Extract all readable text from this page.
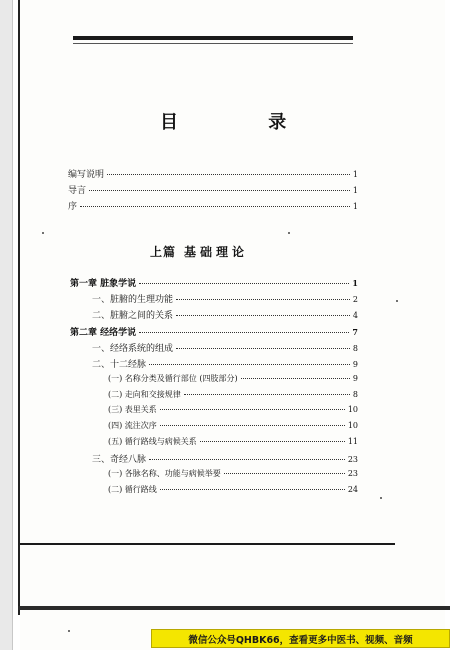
目 录
编写说明	1
导言	1
序	1
上篇 基础理论
第一章 脏象学说	1
一、脏腑的生理功能	2
二、脏腑之间的关系	4
第二章 经络学说	7
一、经络系统的组成	8
二、十二经脉	9
(一) 名称分类及循行部位 (四肢部分)	9
(二) 走向和交接规律	8
(三) 表里关系	10
(四) 流注次序	10
(五) 循行路线与病候关系	11
三、奇经八脉	23
(一) 各脉名称、功能与病候举要	23
(二) 循行路线	24
微信公众号QHBK66，查看更多中医书、视频、音频
